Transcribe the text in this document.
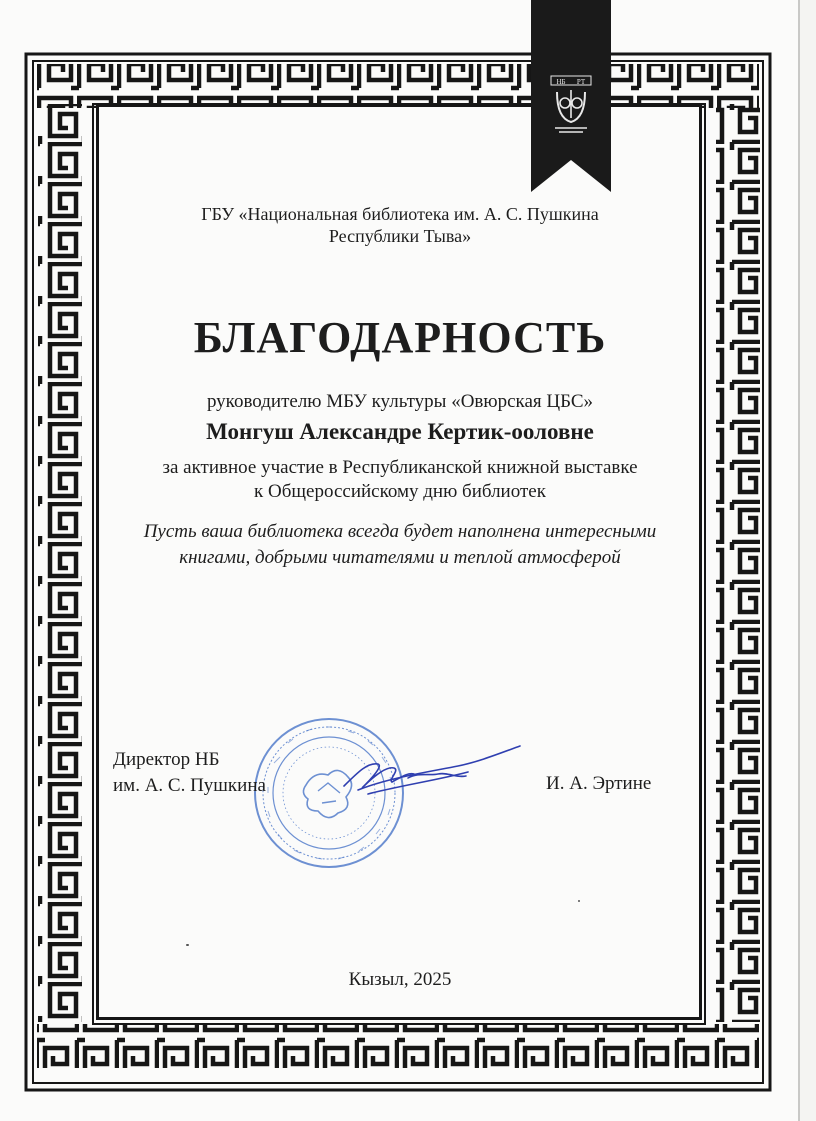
НБ РТ
ГБУ «Национальная библиотека им. А. С. Пушкина
Республики Тыва»
БЛАГОДАРНОСТЬ
руководителю МБУ культуры «Овюрская ЦБС»
Монгуш Александре Кертик-ооловне
за активное участие в Республиканской книжной выставке
к Общероссийскому дню библиотек
Пусть ваша библиотека всегда будет наполнена интересными
книгами, добрыми читателями и теплой атмосферой
Директор НБ
им. А. С. Пушкина	И. А. Эртине
Кызыл, 2025
